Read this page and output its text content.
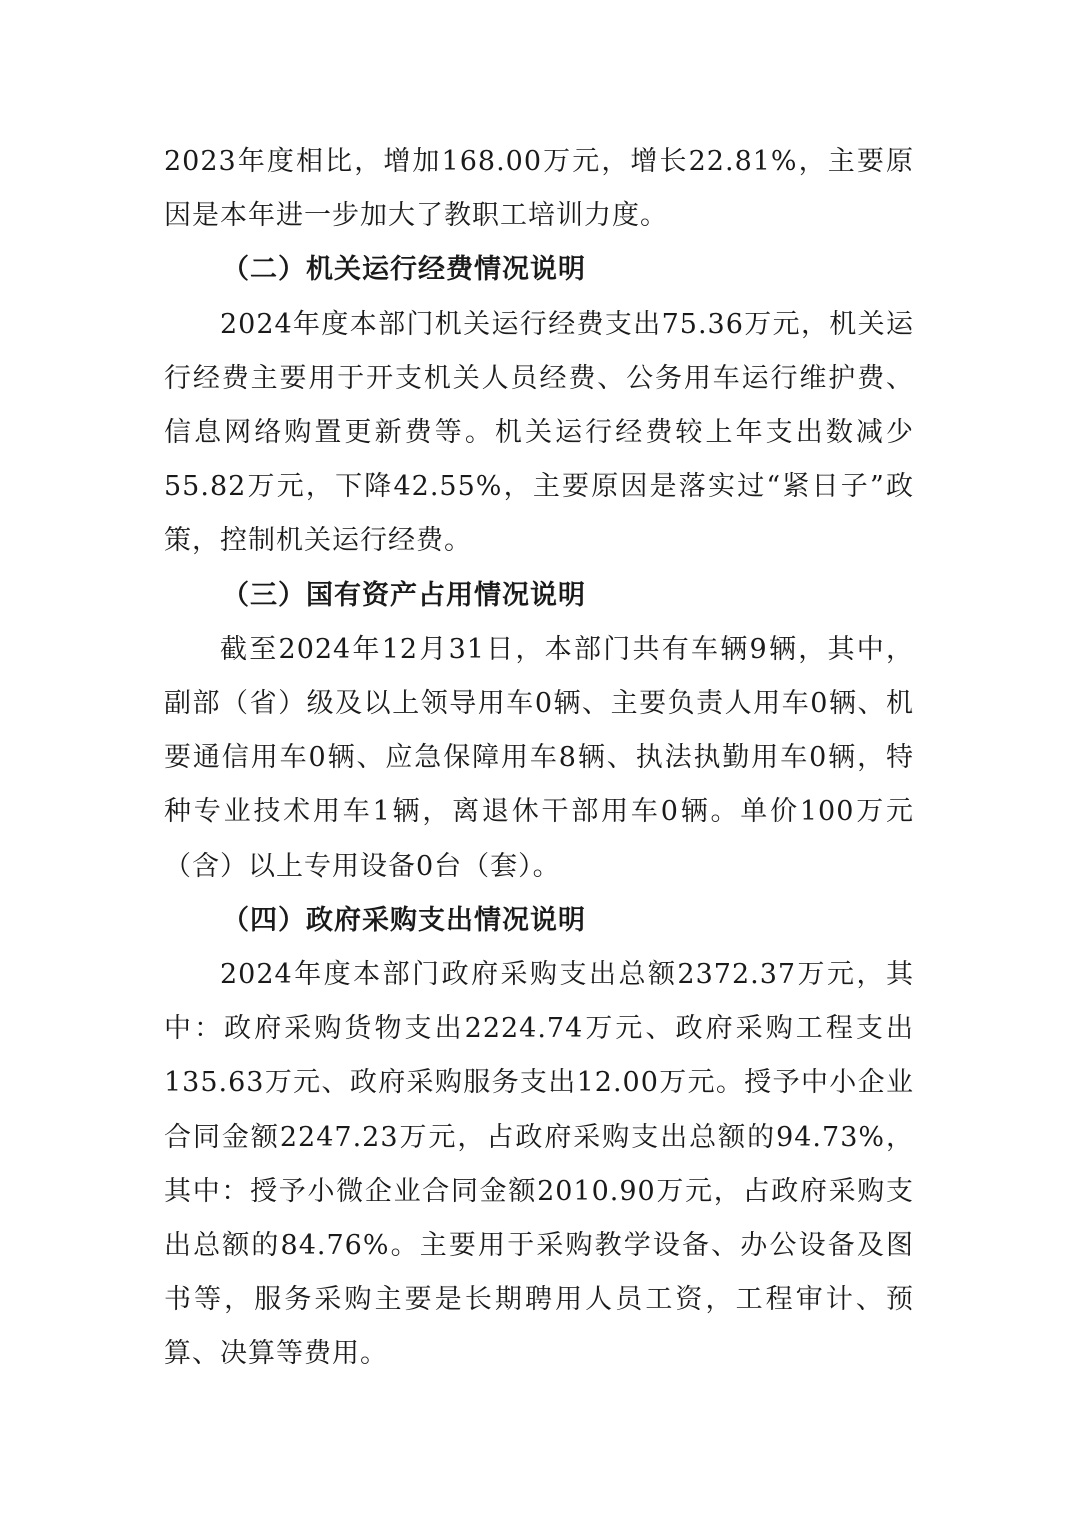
2023年度相比，增加168.00万元，增长22.81%，主要原因是本年进一步加大了教职工培训力度。

（二）机关运行经费情况说明

2024年度本部门机关运行经费支出75.36万元，机关运行经费主要用于开支机关人员经费、公务用车运行维护费、信息网络购置更新费等。机关运行经费较上年支出数减少55.82万元，下降42.55%，主要原因是落实过“紧日子”政策，控制机关运行经费。

（三）国有资产占用情况说明

截至2024年12月31日，本部门共有车辆9辆，其中，副部（省）级及以上领导用车0辆、主要负责人用车0辆、机要通信用车0辆、应急保障用车8辆、执法执勤用车0辆，特种专业技术用车1辆，离退休干部用车0辆。单价100万元（含）以上专用设备0台（套）。

（四）政府采购支出情况说明

2024年度本部门政府采购支出总额2372.37万元，其中：政府采购货物支出2224.74万元、政府采购工程支出135.63万元、政府采购服务支出12.00万元。授予中小企业合同金额2247.23万元，占政府采购支出总额的94.73%，其中：授予小微企业合同金额2010.90万元，占政府采购支出总额的84.76%。主要用于采购教学设备、办公设备及图书等，服务采购主要是长期聘用人员工资，工程审计、预算、决算等费用。
